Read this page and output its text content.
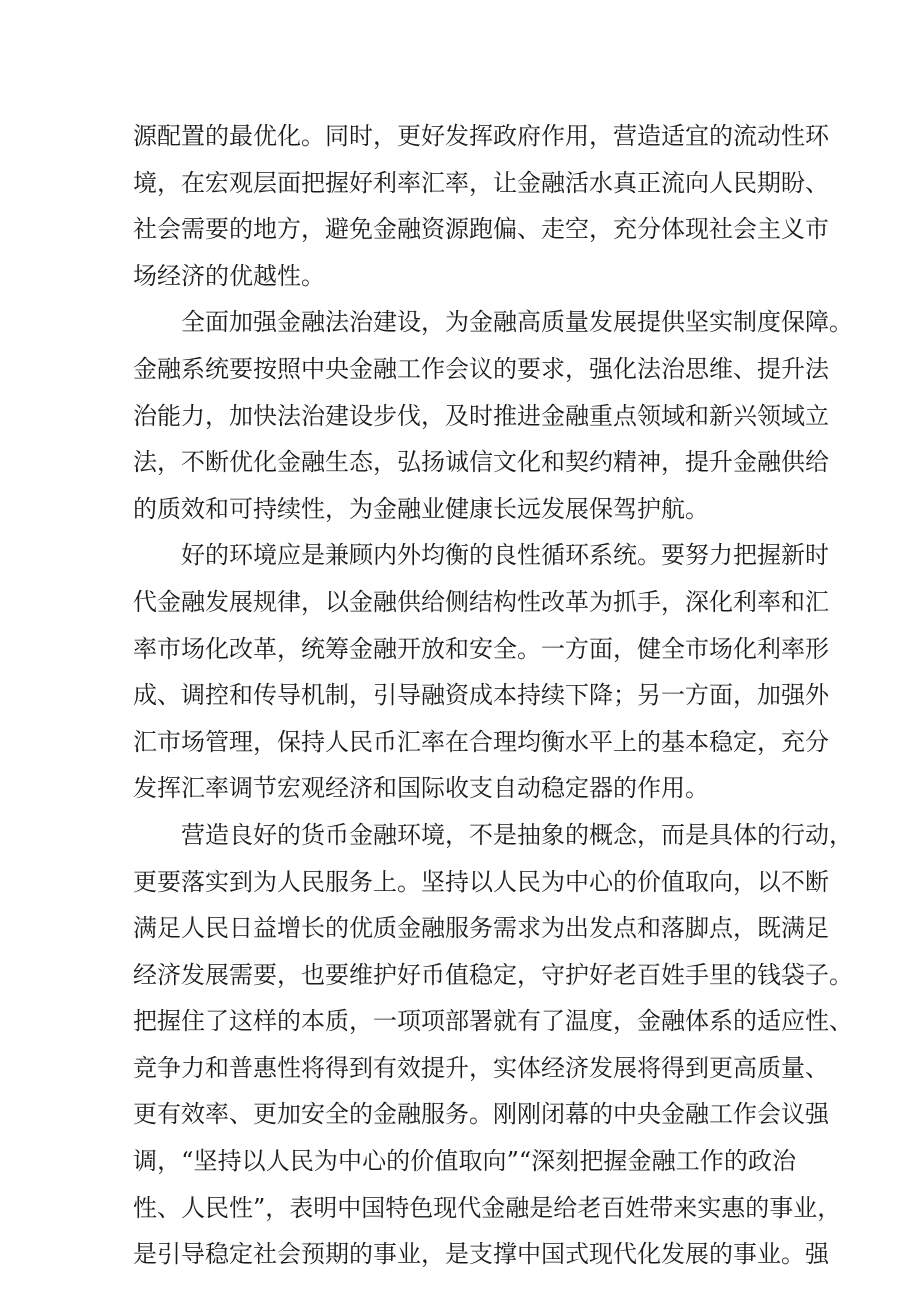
源配置的最优化。同时，更好发挥政府作用，营造适宜的流动性环
境，在宏观层面把握好利率汇率，让金融活水真正流向人民期盼、
社会需要的地方，避免金融资源跑偏、走空，充分体现社会主义市
场经济的优越性。
全面加强金融法治建设，为金融高质量发展提供坚实制度保障。
金融系统要按照中央金融工作会议的要求，强化法治思维、提升法
治能力，加快法治建设步伐，及时推进金融重点领域和新兴领域立
法，不断优化金融生态，弘扬诚信文化和契约精神，提升金融供给
的质效和可持续性，为金融业健康长远发展保驾护航。
好的环境应是兼顾内外均衡的良性循环系统。要努力把握新时
代金融发展规律，以金融供给侧结构性改革为抓手，深化利率和汇
率市场化改革，统筹金融开放和安全。一方面，健全市场化利率形
成、调控和传导机制，引导融资成本持续下降；另一方面，加强外
汇市场管理，保持人民币汇率在合理均衡水平上的基本稳定，充分
发挥汇率调节宏观经济和国际收支自动稳定器的作用。
营造良好的货币金融环境，不是抽象的概念，而是具体的行动，
更要落实到为人民服务上。坚持以人民为中心的价值取向，以不断
满足人民日益增长的优质金融服务需求为出发点和落脚点，既满足
经济发展需要，也要维护好币值稳定，守护好老百姓手里的钱袋子。
把握住了这样的本质，一项项部署就有了温度，金融体系的适应性、
竞争力和普惠性将得到有效提升，实体经济发展将得到更高质量、
更有效率、更加安全的金融服务。刚刚闭幕的中央金融工作会议强
调，“坚持以人民为中心的价值取向”“深刻把握金融工作的政治
性、人民性”，表明中国特色现代金融是给老百姓带来实惠的事业，
是引导稳定社会预期的事业，是支撑中国式现代化发展的事业。强
